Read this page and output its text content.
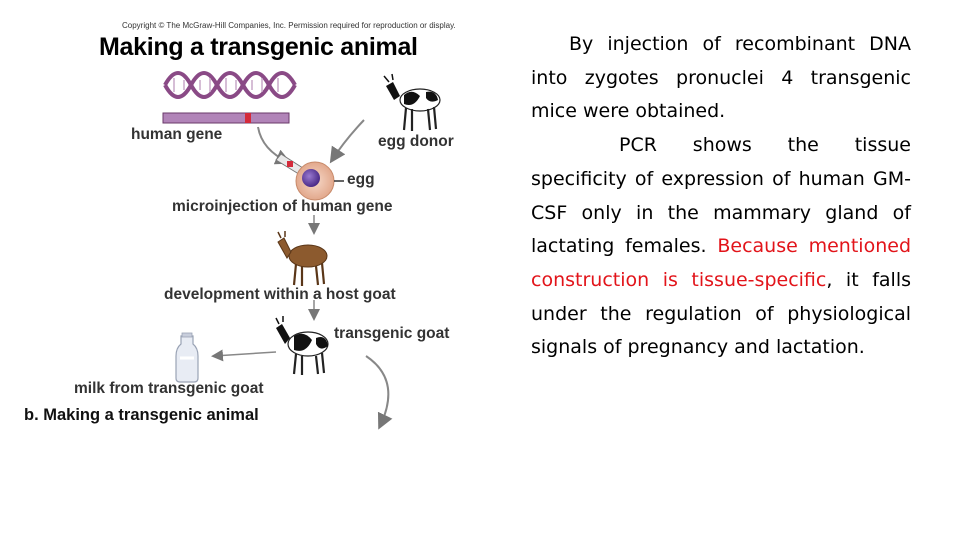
Copyright © The McGraw-Hill Companies, Inc. Permission required for reproduction or display.
Making a transgenic animal
human gene	egg donor
egg
microinjection of human gene
development within a host goat
transgenic goat
milk from transgenic goat
b. Making a transgenic animal

By injection of recombinant DNA into zygotes pronuclei 4 transgenic mice were obtained.

PCR shows the tissue specificity of expression of human GM-CSF only in the mammary gland of lactating females. Because mentioned construction is tissue-specific, it falls under the regulation of physiological signals of pregnancy and lactation.
